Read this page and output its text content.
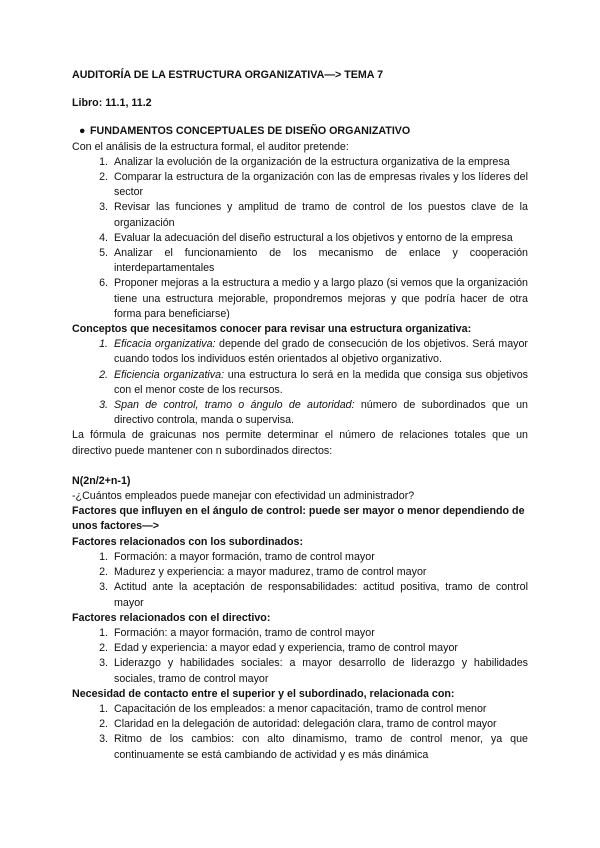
AUDITORÍA DE LA ESTRUCTURA ORGANIZATIVA—> TEMA 7

Libro: 11.1, 11.2

● FUNDAMENTOS CONCEPTUALES DE DISEÑO ORGANIZATIVO

Con el análisis de la estructura formal, el auditor pretende:

1. Analizar la evolución de la organización de la estructura organizativa de la empresa
2. Comparar la estructura de la organización con las de empresas rivales y los líderes del sector
3. Revisar las funciones y amplitud de tramo de control de los puestos clave de la organización
4. Evaluar la adecuación del diseño estructural a los objetivos y entorno de la empresa
5. Analizar el funcionamiento de los mecanismo de enlace y cooperación interdepartamentales
6. Proponer mejoras a la estructura a medio y a largo plazo (si vemos que la organización tiene una estructura mejorable, propondremos mejoras y que podría hacer de otra forma para beneficiarse)

Conceptos que necesitamos conocer para revisar una estructura organizativa:

1. Eficacia organizativa: depende del grado de consecución de los objetivos. Será mayor cuando todos los individuos estén orientados al objetivo organizativo.
2. Eficiencia organizativa: una estructura lo será en la medida que consiga sus objetivos con el menor coste de los recursos.
3. Span de control, tramo o ángulo de autoridad: número de subordinados que un directivo controla, manda o supervisa.

La fórmula de graicunas nos permite determinar el número de relaciones totales que un directivo puede mantener con n subordinados directos:

N(2n/2+n-1)

-¿Cuántos empleados puede manejar con efectividad un administrador?

Factores que influyen en el ángulo de control: puede ser mayor o menor dependiendo de unos factores—>

Factores relacionados con los subordinados:

1. Formación: a mayor formación, tramo de control mayor
2. Madurez y experiencia: a mayor madurez, tramo de control mayor
3. Actitud ante la aceptación de responsabilidades: actitud positiva, tramo de control mayor

Factores relacionados con el directivo:

1. Formación: a mayor formación, tramo de control mayor
2. Edad y experiencia: a mayor edad y experiencia, tramo de control mayor
3. Liderazgo y habilidades sociales: a mayor desarrollo de liderazgo y habilidades sociales, tramo de control mayor

Necesidad de contacto entre el superior y el subordinado, relacionada con:

1. Capacitación de los empleados: a menor capacitación, tramo de control menor
2. Claridad en la delegación de autoridad: delegación clara, tramo de control mayor
3. Ritmo de los cambios: con alto dinamismo, tramo de control menor, ya que continuamente se está cambiando de actividad y es más dinámica
